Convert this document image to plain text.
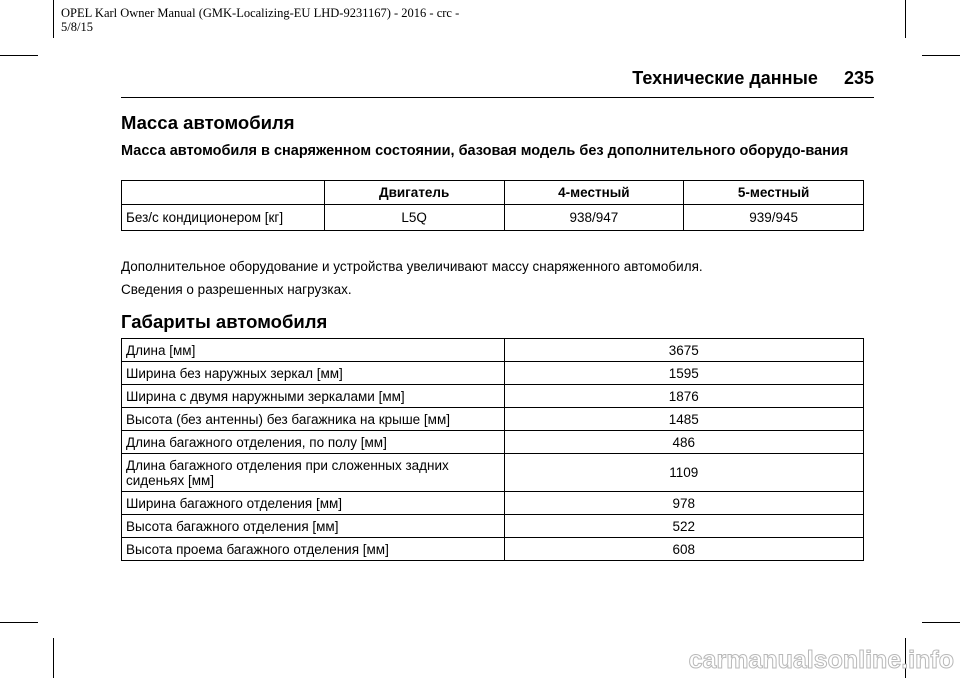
OPEL Karl Owner Manual (GMK-Localizing-EU LHD-9231167) - 2016 - crc -
5/8/15
Технические данные 235
Масса автомобиля
Масса автомобиля в снаряженном состоянии, базовая модель без дополнительного оборудо-вания
	Двигатель	4-местный	5-местный
Без/с кондиционером [кг]	L5Q	938/947	939/945
Дополнительное оборудование и устройства увеличивают массу снаряженного автомобиля.
Сведения о разрешенных нагрузках.
Габариты автомобиля
Длина [мм]	3675
Ширина без наружных зеркал [мм]	1595
Ширина с двумя наружными зеркалами [мм]	1876
Высота (без антенны) без багажника на крыше [мм]	1485
Длина багажного отделения, по полу [мм]	486
Длина багажного отделения при сложенных задних сиденьях [мм]	1109
Ширина багажного отделения [мм]	978
Высота багажного отделения [мм]	522
Высота проема багажного отделения [мм]	608
carmanualsonline.info
